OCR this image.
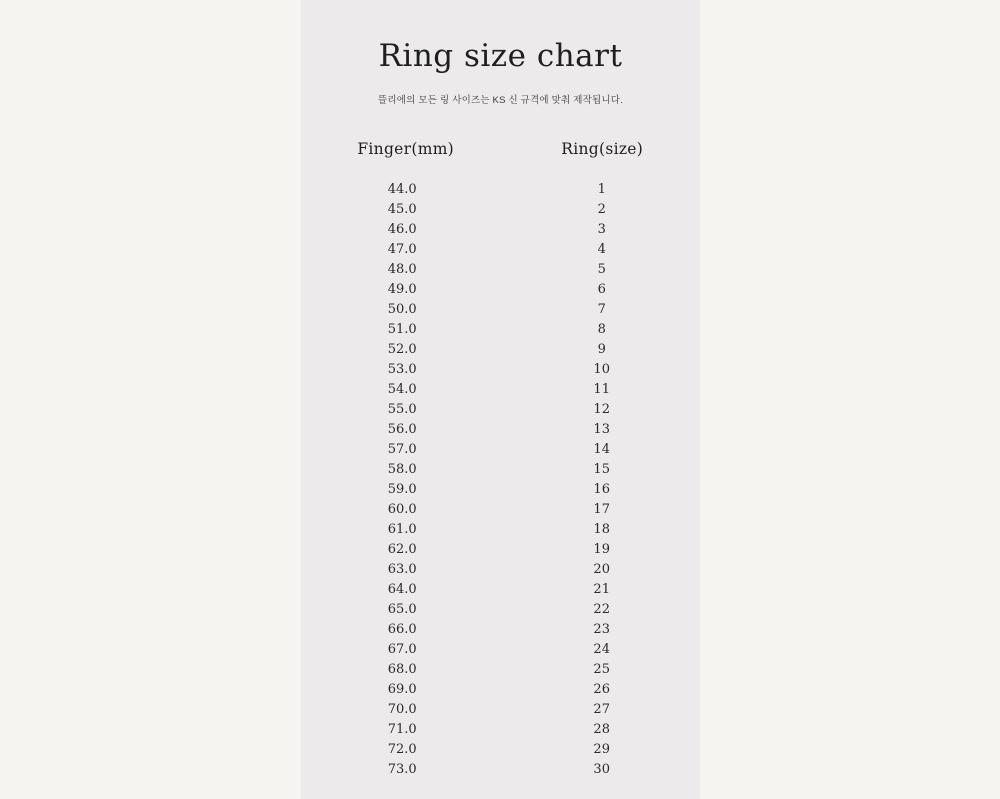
Ring size chart

뜰리에의 모든 링 사이즈는 KS 신 규격에 맞춰 제작됩니다.

Finger(mm)	Ring(size)
44.0	1
45.0	2
46.0	3
47.0	4
48.0	5
49.0	6
50.0	7
51.0	8
52.0	9
53.0	10
54.0	11
55.0	12
56.0	13
57.0	14
58.0	15
59.0	16
60.0	17
61.0	18
62.0	19
63.0	20
64.0	21
65.0	22
66.0	23
67.0	24
68.0	25
69.0	26
70.0	27
71.0	28
72.0	29
73.0	30
